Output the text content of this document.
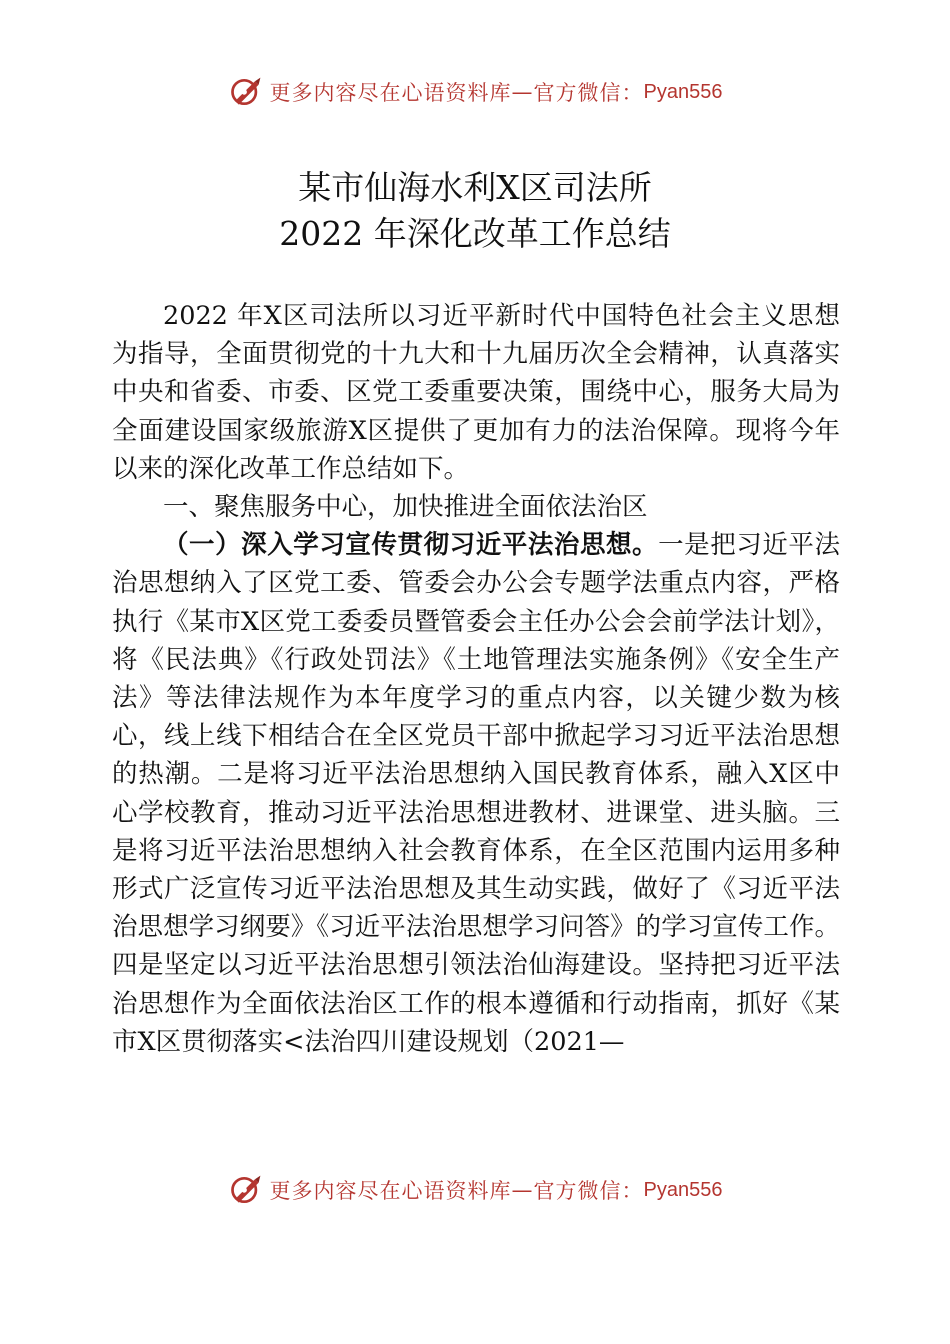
更多内容尽在心语资料库 — 官方微信： Pyan556
某市仙海水利X区司法所
2022 年深化改革工作总结

2022 年X区司法所以习近平新时代中国特色社会主义思想为指导，全面贯彻党的十九大和十九届历次全会精神，认真落实中央和省委、市委、区党工委重要决策，围绕中心，服务大局为全面建设国家级旅游X区提供了更加有力的法治保障。现将今年以来的深化改革工作总结如下。

一、聚焦服务中心，加快推进全面依法治区

（一）深入学习宣传贯彻习近平法治思想。一是把习近平法治思想纳入了区党工委、管委会办公会专题学法重点内容，严格执行《某市X区党工委委员暨管委会主任办公会会前学法计划》，将《民法典》《行政处罚法》《土地管理法实施条例》《安全生产法》等法律法规作为本年度学习的重点内容，以关键少数为核心，线上线下相结合在全区党员干部中掀起学习习近平法治思想的热潮。二是将习近平法治思想纳入国民教育体系，融入X区中心学校教育，推动习近平法治思想进教材、进课堂、进头脑。三是将习近平法治思想纳入社会教育体系，在全区范围内运用多种形式广泛宣传习近平法治思想及其生动实践，做好了《习近平法治思想学习纲要》《习近平法治思想学习问答》的学习宣传工作。四是坚定以习近平法治思想引领法治仙海建设。坚持把习近平法治思想作为全面依法治区工作的根本遵循和行动指南，抓好《某市X区贯彻落实<法治四川建设规划（2021—

更多内容尽在心语资料库 — 官方微信： Pyan556
